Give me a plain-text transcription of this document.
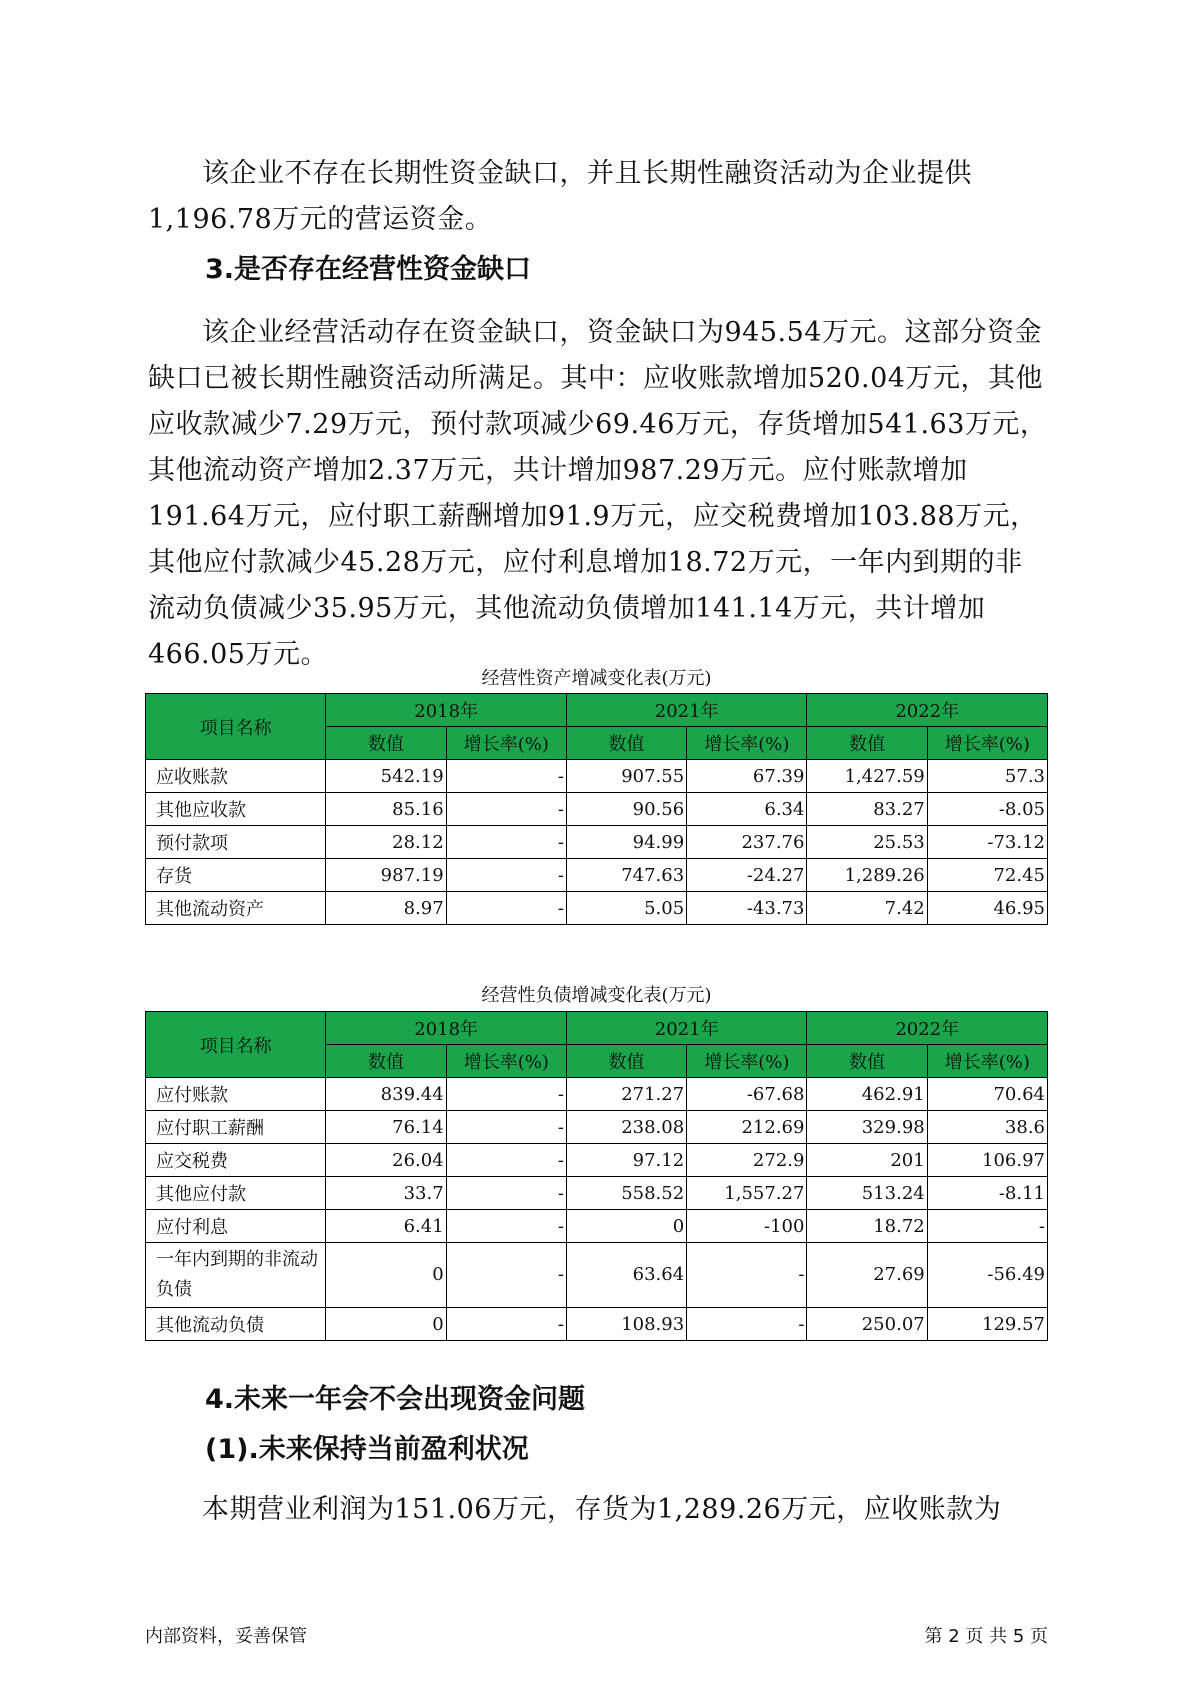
该企业不存在长期性资金缺口，并且长期性融资活动为企业提供1,196.78万元的营运资金。
3.是否存在经营性资金缺口
该企业经营活动存在资金缺口，资金缺口为945.54万元。这部分资金缺口已被长期性融资活动所满足。其中：应收账款增加520.04万元，其他应收款减少7.29万元，预付款项减少69.46万元，存货增加541.63万元，其他流动资产增加2.37万元，共计增加987.29万元。应付账款增加191.64万元，应付职工薪酬增加91.9万元，应交税费增加103.88万元，其他应付款减少45.28万元，应付利息增加18.72万元，一年内到期的非流动负债减少35.95万元，其他流动负债增加141.14万元，共计增加466.05万元。
经营性资产增减变化表(万元)
项目名称	2018年		2021年		2022年	
	数值	增长率(%)	数值	增长率(%)	数值	增长率(%)
应收账款	542.19	-	907.55	67.39	1,427.59	57.3
其他应收款	85.16	-	90.56	6.34	83.27	-8.05
预付款项	28.12	-	94.99	237.76	25.53	-73.12
存货	987.19	-	747.63	-24.27	1,289.26	72.45
其他流动资产	8.97	-	5.05	-43.73	7.42	46.95
经营性负债增减变化表(万元)
项目名称	2018年		2021年		2022年	
	数值	增长率(%)	数值	增长率(%)	数值	增长率(%)
应付账款	839.44	-	271.27	-67.68	462.91	70.64
应付职工薪酬	76.14	-	238.08	212.69	329.98	38.6
应交税费	26.04	-	97.12	272.9	201	106.97
其他应付款	33.7	-	558.52	1,557.27	513.24	-8.11
应付利息	6.41	-	0	-100	18.72	-
一年内到期的非流动负债	0	-	63.64	-	27.69	-56.49
其他流动负债	0	-	108.93	-	250.07	129.57
4.未来一年会不会出现资金问题
(1).未来保持当前盈利状况
本期营业利润为151.06万元，存货为1,289.26万元，应收账款为
内部资料，妥善保管	第 2 页 共 5 页
